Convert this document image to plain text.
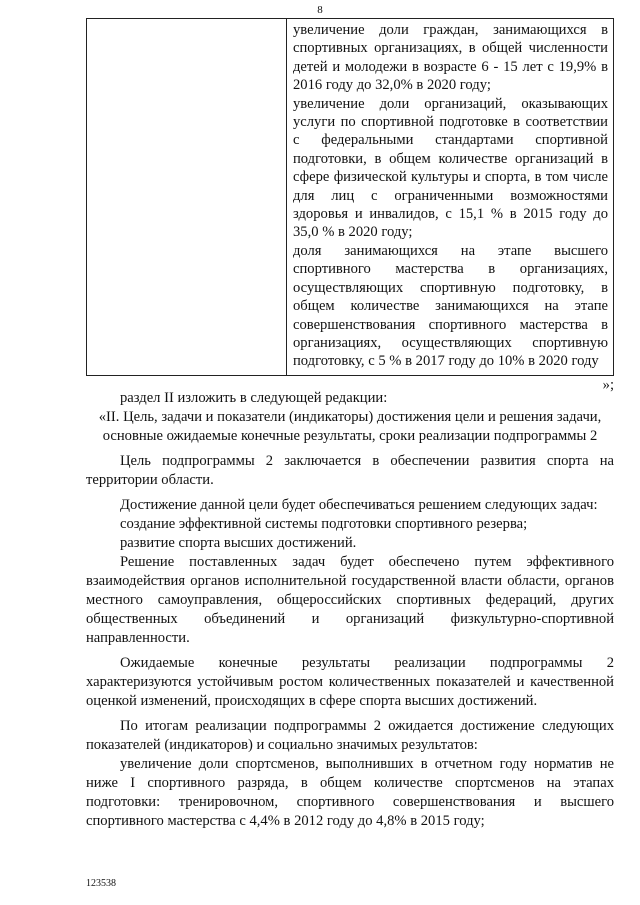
8

увеличение доли граждан, занимающихся в спортивных организациях, в общей численности детей и молодежи в возрасте 6 - 15 лет с 19,9% в 2016 году до 32,0% в 2020 году;

увеличение доли организаций, оказывающих услуги по спортивной подготовке в соответствии с федеральными стандартами спортивной подготовки, в общем количестве организаций в сфере физической культуры и спорта, в том числе для лиц с ограниченными возможностями здоровья и инвалидов, с 15,1 % в 2015 году до 35,0 % в 2020 году;

доля занимающихся на этапе высшего спортивного мастерства в организациях, осуществляющих спортивную подготовку, в общем количестве занимающихся на этапе совершенствования спортивного мастерства в организациях, осуществляющих спортивную подготовку, с 5 % в 2017 году до 10% в 2020 году

»;

раздел II изложить в следующей редакции:

«II. Цель, задачи и показатели (индикаторы) достижения цели и решения задачи, основные ожидаемые конечные результаты, сроки реализации подпрограммы 2

Цель подпрограммы 2 заключается в обеспечении развития спорта на территории области.

Достижение данной цели будет обеспечиваться решением следующих задач:

создание эффективной системы подготовки спортивного резерва;

развитие спорта высших достижений.

Решение поставленных задач будет обеспечено путем эффективного взаимодействия органов исполнительной государственной власти области, органов местного самоуправления, общероссийских спортивных федераций, других общественных объединений и организаций физкультурно-спортивной направленности.

Ожидаемые конечные результаты реализации подпрограммы 2 характеризуются устойчивым ростом количественных показателей и качественной оценкой изменений, происходящих в сфере спорта высших достижений.

По итогам реализации подпрограммы 2 ожидается достижение следующих показателей (индикаторов) и социально значимых результатов:

увеличение доли спортсменов, выполнивших в отчетном году норматив не ниже I спортивного разряда, в общем количестве спортсменов на этапах подготовки: тренировочном, спортивного совершенствования и высшего спортивного мастерства с 4,4% в 2012 году до 4,8% в 2015 году;

123538
